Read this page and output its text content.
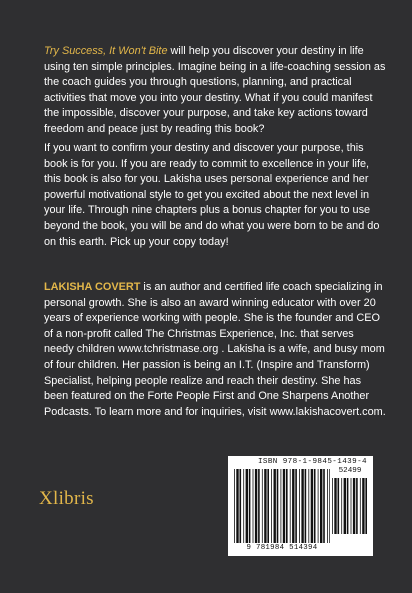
Try Success, It Won't Bite will help you discover your destiny in life using ten simple principles. Imagine being in a life-coaching session as the coach guides you through questions, planning, and practical activities that move you into your destiny. What if you could manifest the impossible, discover your purpose, and take key actions toward freedom and peace just by reading this book?
If you want to confirm your destiny and discover your purpose, this book is for you. If you are ready to commit to excellence in your life, this book is also for you. Lakisha uses personal experience and her powerful motivational style to get you excited about the next level in your life. Through nine chapters plus a bonus chapter for you to use beyond the book, you will be and do what you were born to be and do on this earth. Pick up your copy today!
LAKISHA COVERT is an author and certified life coach specializing in personal growth. She is also an award winning educator with over 20 years of experience working with people. She is the founder and CEO of a non-profit called The Christmas Experience, Inc. that serves needy children www.tchristmase.org . Lakisha is a wife, and busy mom of four children. Her passion is being an I.T. (Inspire and Transform) Specialist, helping people realize and reach their destiny. She has been featured on the Forte People First and One Sharpens Another Podcasts. To learn more and for inquiries, visit www.lakishacovert.com.
Xlibris
ISBN 978-1-9845-1439-4
52499
9 781984 514394
